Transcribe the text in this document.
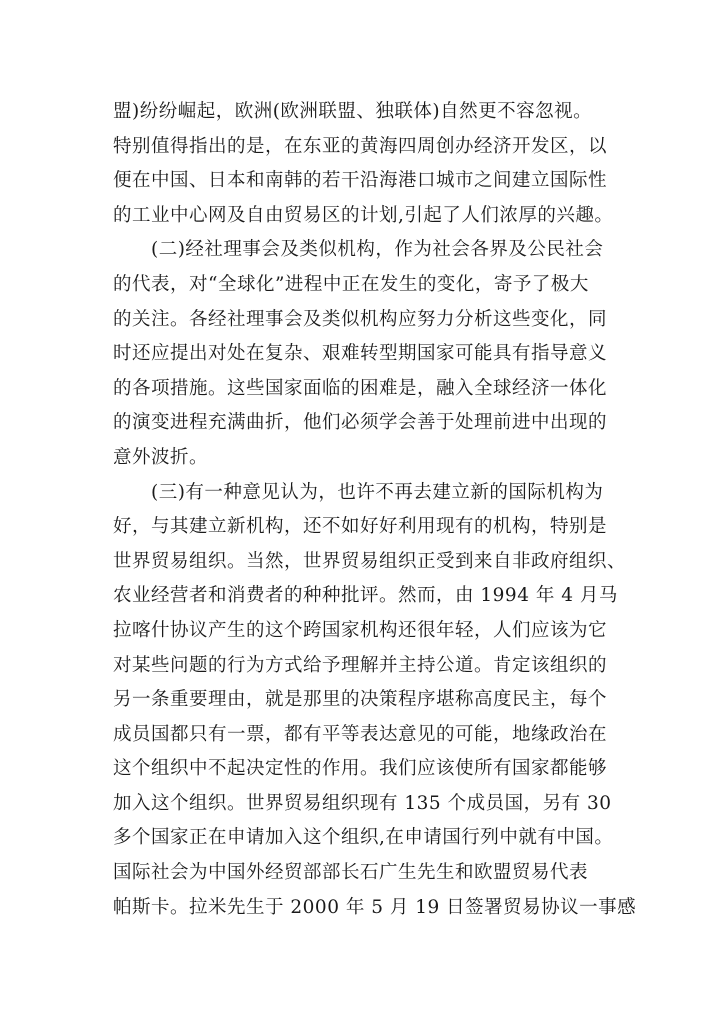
盟)纷纷崛起，欧洲(欧洲联盟、独联体)自然更不容忽视。
特别值得指出的是，在东亚的黄海四周创办经济开发区，以
便在中国、日本和南韩的若干沿海港口城市之间建立国际性
的工业中心网及自由贸易区的计划,引起了人们浓厚的兴趣。
(二)经社理事会及类似机构，作为社会各界及公民社会
的代表，对“全球化”进程中正在发生的变化，寄予了极大
的关注。各经社理事会及类似机构应努力分析这些变化，同
时还应提出对处在复杂、艰难转型期国家可能具有指导意义
的各项措施。这些国家面临的困难是，融入全球经济一体化
的演变进程充满曲折，他们必须学会善于处理前进中出现的
意外波折。
(三)有一种意见认为，也许不再去建立新的国际机构为
好，与其建立新机构，还不如好好利用现有的机构，特别是
世界贸易组织。当然，世界贸易组织正受到来自非政府组织、
农业经营者和消费者的种种批评。然而，由 1994 年 4 月马
拉喀什协议产生的这个跨国家机构还很年轻，人们应该为它
对某些问题的行为方式给予理解并主持公道。肯定该组织的
另一条重要理由，就是那里的决策程序堪称高度民主，每个
成员国都只有一票，都有平等表达意见的可能，地缘政治在
这个组织中不起决定性的作用。我们应该使所有国家都能够
加入这个组织。世界贸易组织现有 135 个成员国，另有 30
多个国家正在申请加入这个组织,在申请国行列中就有中国。
国际社会为中国外经贸部部长石广生先生和欧盟贸易代表
帕斯卡。拉米先生于 2000 年 5 月 19 日签署贸易协议一事感
